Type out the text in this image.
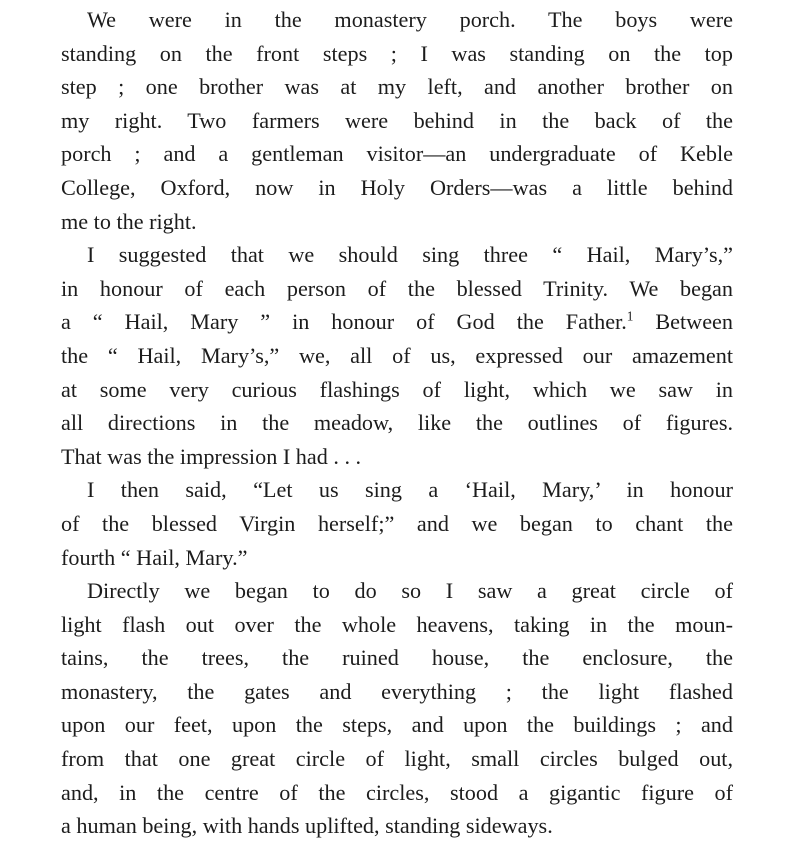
We were in the monastery porch. The boys were
standing on the front steps ; I was standing on the top
step ; one brother was at my left, and another brother on
my right. Two farmers were behind in the back of the
porch ; and a gentleman visitor—an undergraduate of Keble
College, Oxford, now in Holy Orders—was a little behind
me to the right.
I suggested that we should sing three “ Hail, Mary’s,”
in honour of each person of the blessed Trinity. We began
a “ Hail, Mary ” in honour of God the Father.$^1$ Between
the “ Hail, Mary’s,” we, all of us, expressed our amazement
at some very curious flashings of light, which we saw in
all directions in the meadow, like the outlines of figures.
That was the impression I had . . .
I then said, “Let us sing a ‘Hail, Mary,’ in honour
of the blessed Virgin herself;” and we began to chant the
fourth “ Hail, Mary.”
Directly we began to do so I saw a great circle of
light flash out over the whole heavens, taking in the moun-
tains, the trees, the ruined house, the enclosure, the
monastery, the gates and everything ; the light flashed
upon our feet, upon the steps, and upon the buildings ; and
from that one great circle of light, small circles bulged out,
and, in the centre of the circles, stood a gigantic figure of
a human being, with hands uplifted, standing sideways.
